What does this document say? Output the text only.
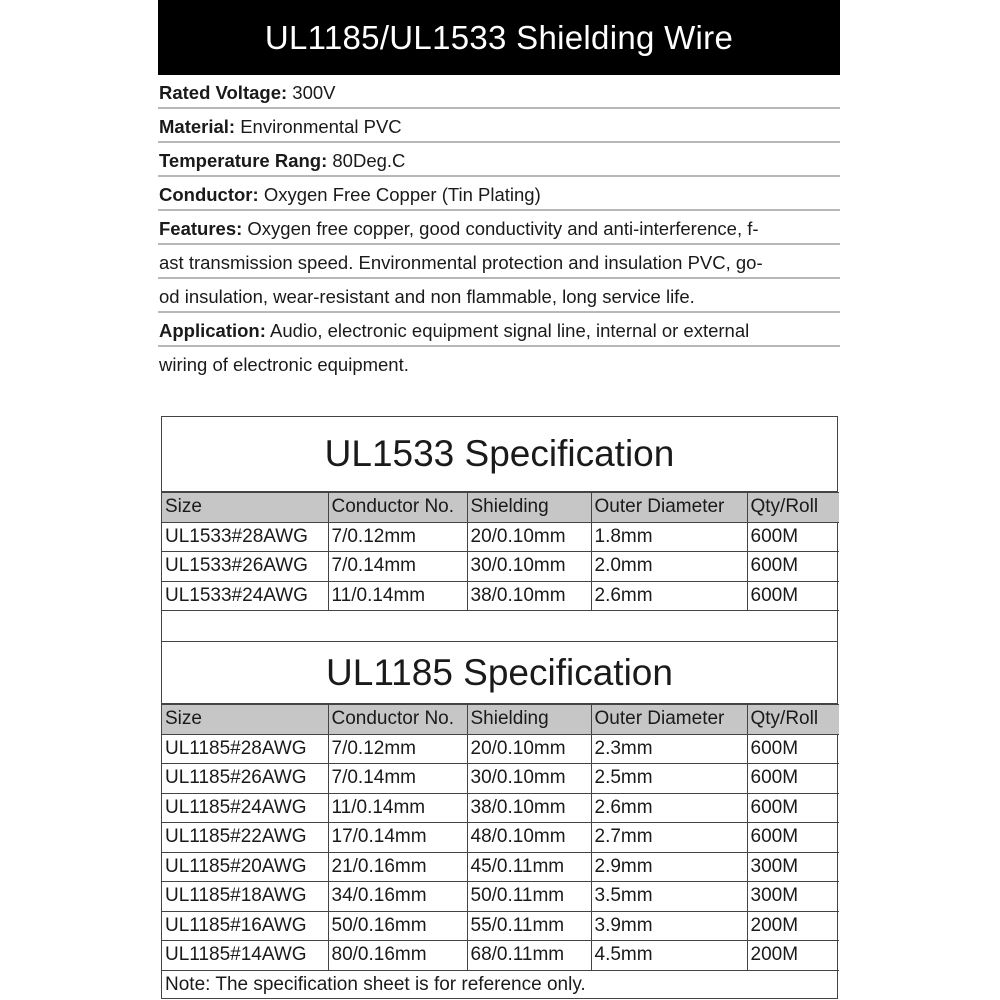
UL1185/UL1533 Shielding Wire
Rated Voltage: 300V
Material: Environmental PVC
Temperature Rang: 80Deg.C
Conductor: Oxygen Free Copper (Tin Plating)
Features: Oxygen free copper, good conductivity and anti-interference, f-
ast transmission speed. Environmental protection and insulation PVC, go-
od insulation, wear-resistant and non flammable, long service life.
Application: Audio, electronic equipment signal line, internal or external
wiring of electronic equipment.
UL1533 Specification
Size	Conductor No.	Shielding	Outer Diameter	Qty/Roll
UL1533#28AWG	7/0.12mm	20/0.10mm	1.8mm	600M
UL1533#26AWG	7/0.14mm	30/0.10mm	2.0mm	600M
UL1533#24AWG	11/0.14mm	38/0.10mm	2.6mm	600M
UL1185 Specification
Size	Conductor No.	Shielding	Outer Diameter	Qty/Roll
UL1185#28AWG	7/0.12mm	20/0.10mm	2.3mm	600M
UL1185#26AWG	7/0.14mm	30/0.10mm	2.5mm	600M
UL1185#24AWG	11/0.14mm	38/0.10mm	2.6mm	600M
UL1185#22AWG	17/0.14mm	48/0.10mm	2.7mm	600M
UL1185#20AWG	21/0.16mm	45/0.11mm	2.9mm	300M
UL1185#18AWG	34/0.16mm	50/0.11mm	3.5mm	300M
UL1185#16AWG	50/0.16mm	55/0.11mm	3.9mm	200M
UL1185#14AWG	80/0.16mm	68/0.11mm	4.5mm	200M
Note: The specification sheet is for reference only.
